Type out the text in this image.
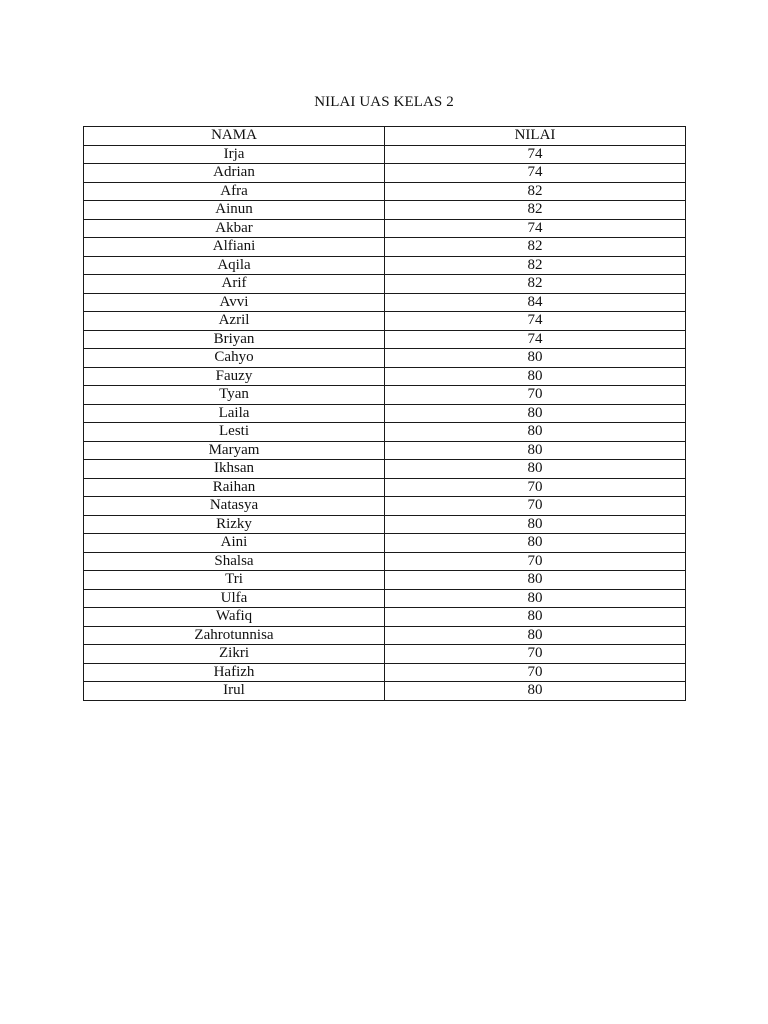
NILAI UAS KELAS 2
NAMA	NILAI
Irja	74
Adrian	74
Afra	82
Ainun	82
Akbar	74
Alfiani	82
Aqila	82
Arif	82
Avvi	84
Azril	74
Briyan	74
Cahyo	80
Fauzy	80
Tyan	70
Laila	80
Lesti	80
Maryam	80
Ikhsan	80
Raihan	70
Natasya	70
Rizky	80
Aini	80
Shalsa	70
Tri	80
Ulfa	80
Wafiq	80
Zahrotunnisa	80
Zikri	70
Hafizh	70
Irul	80
